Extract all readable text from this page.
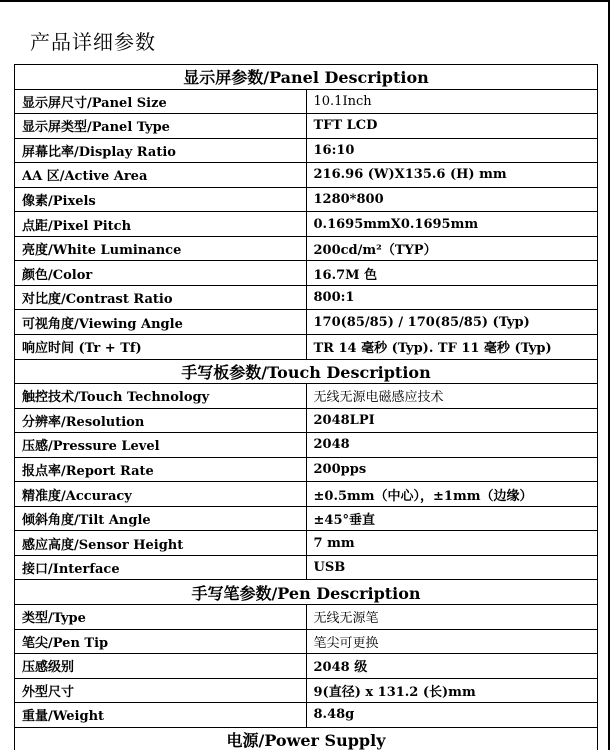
产品详细参数
显示屏参数/Panel Description	
显示屏尺寸/Panel Size	10.1Inch
显示屏类型/Panel Type	TFT LCD
屏幕比率/Display Ratio	16:10
AA 区/Active Area	216.96 (W)X135.6 (H) mm
像素/Pixels	1280*800
点距/Pixel Pitch	0.1695mmX0.1695mm
亮度/White Luminance	200cd/m²（TYP）
颜色/Color	16.7M 色
对比度/Contrast Ratio	800:1
可视角度/Viewing Angle	170(85/85) / 170(85/85) (Typ)
响应时间 (Tr + Tf)	TR 14 毫秒 (Typ). TF 11 毫秒 (Typ)
手写板参数/Touch Description	
触控技术/Touch Technology	无线无源电磁感应技术
分辨率/Resolution	2048LPI
压感/Pressure Level	2048
报点率/Report Rate	200pps
精准度/Accuracy	±0.5mm（中心），±1mm（边缘）
倾斜角度/Tilt Angle	±45°垂直
感应高度/Sensor Height	7 mm
接口/Interface	USB
手写笔参数/Pen Description	
类型/Type	无线无源笔
笔尖/Pen Tip	笔尖可更换
压感级别	2048 级
外型尺寸	9(直径) x 131.2 (长)mm
重量/Weight	8.48g
电源/Power Supply	
